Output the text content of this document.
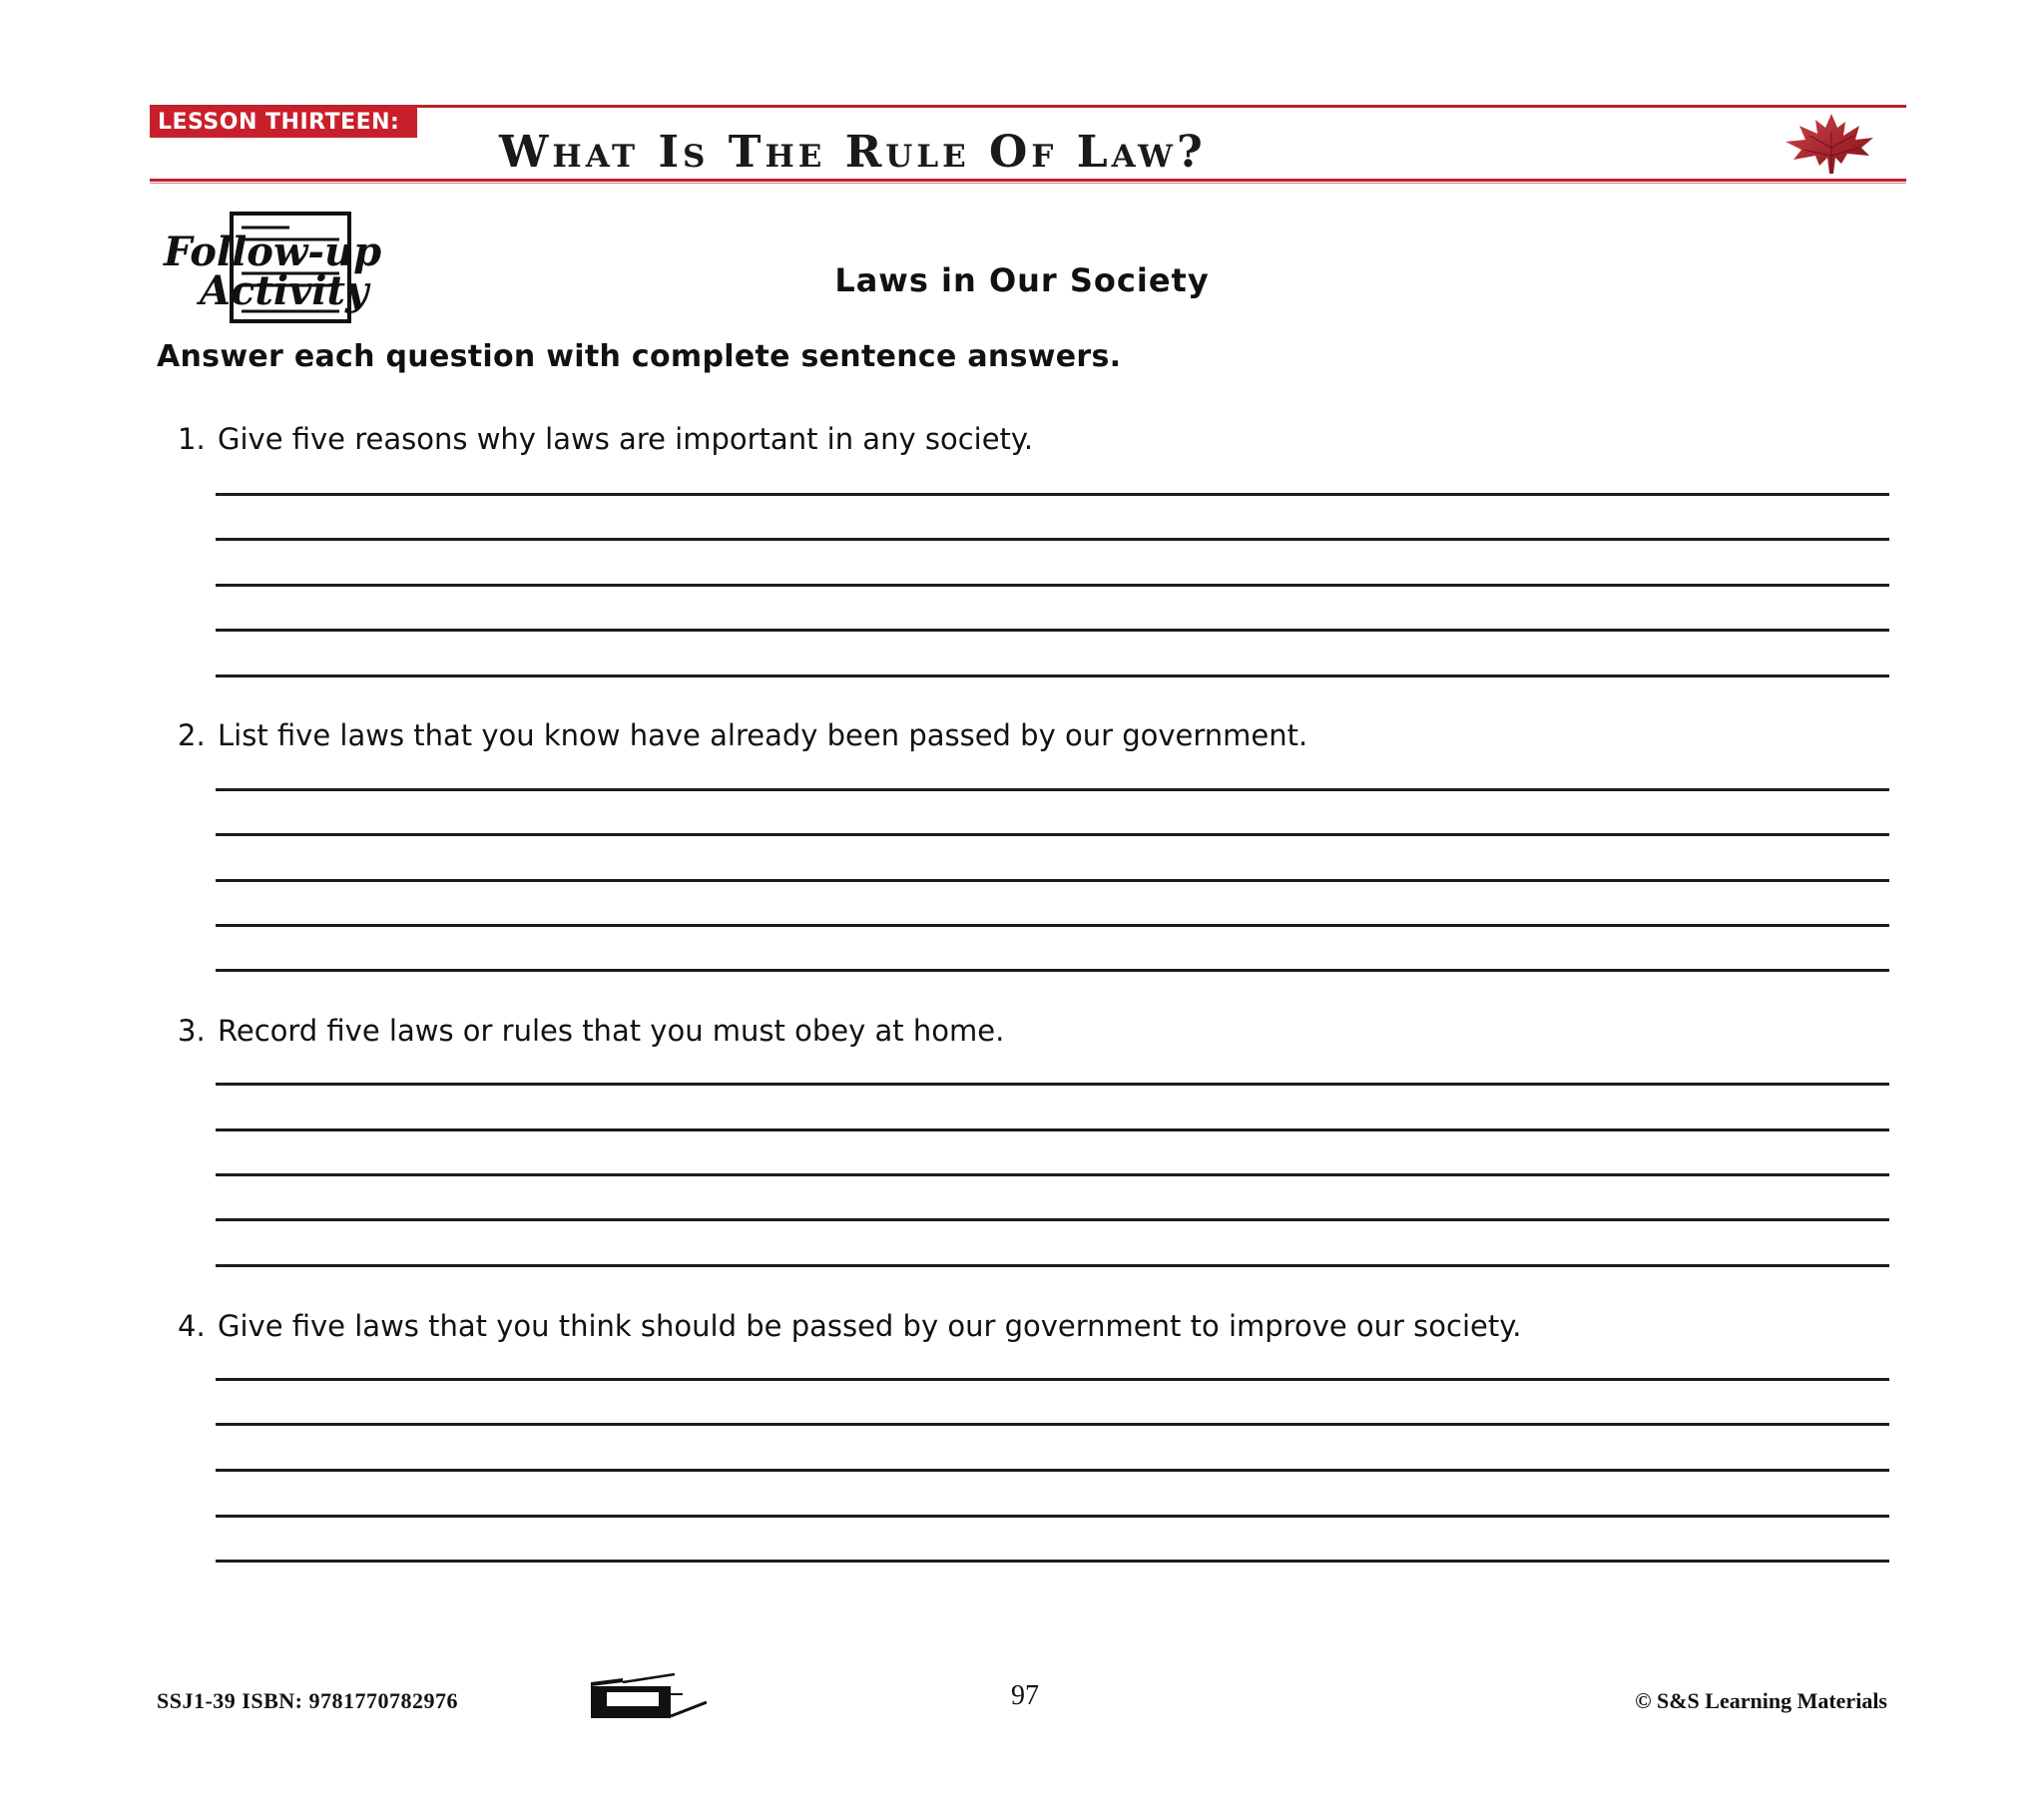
LESSON THIRTEEN:
What Is The Rule Of Law?
Follow-up
Activity	Laws in Our Society
Answer each question with complete sentence answers.
1. Give five reasons why laws are important in any society.
2. List five laws that you know have already been passed by our government.
3. Record five laws or rules that you must obey at home.
4. Give five laws that you think should be passed by our government to improve our society.
SSJ1-39 ISBN: 9781770782976	97	© S&S Learning Materials
